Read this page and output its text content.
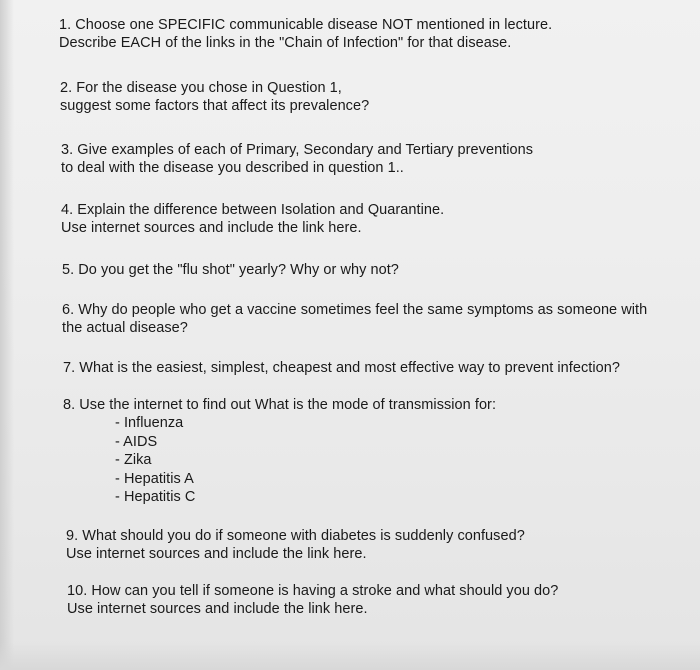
1. Choose one SPECIFIC communicable disease NOT mentioned in lecture.
Describe EACH of the links in the "Chain of Infection" for that disease.
2. For the disease you chose in Question 1,
suggest some factors that affect its prevalence?
3. Give examples of each of Primary, Secondary and Tertiary preventions
to deal with the disease you described in question 1..
4. Explain the difference between Isolation and Quarantine.
Use internet sources and include the link here.
5. Do you get the "flu shot" yearly? Why or why not?
6. Why do people who get a vaccine sometimes feel the same symptoms as someone with
the actual disease?
7. What is the easiest, simplest, cheapest and most effective way to prevent infection?
8. Use the internet to find out What is the mode of transmission for:
- Influenza
- AIDS
- Zika
- Hepatitis A
- Hepatitis C
9. What should you do if someone with diabetes is suddenly confused?
Use internet sources and include the link here.
10. How can you tell if someone is having a stroke and what should you do?
Use internet sources and include the link here.
